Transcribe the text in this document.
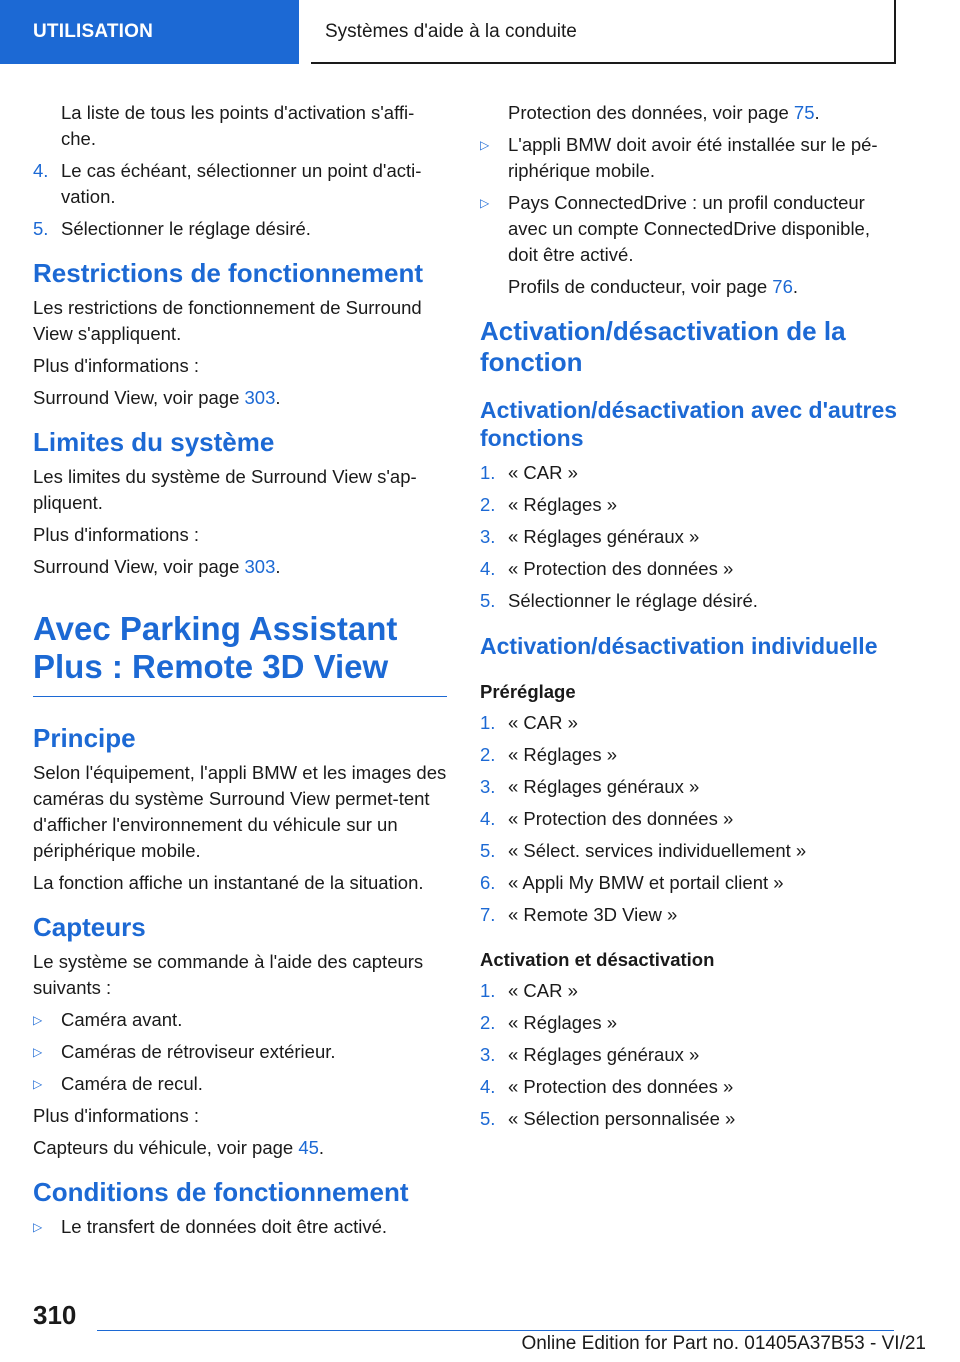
UTILISATION	Systèmes d'aide à la conduite

La liste de tous les points d'activation s'affi-che.

4. Le cas échéant, sélectionner un point d'acti-vation.
5. Sélectionner le réglage désiré.
Restrictions de fonctionnement

Les restrictions de fonctionnement de Surround View s'appliquent.

Plus d'informations :

Surround View, voir page 303.

Limites du système

Les limites du système de Surround View s'ap-pliquent.

Plus d'informations :

Surround View, voir page 303.

Avec Parking Assistant Plus : Remote 3D View
Principe

Selon l'équipement, l'appli BMW et les images des caméras du système Surround View permet-tent d'afficher l'environnement du véhicule sur un périphérique mobile.

La fonction affiche un instantané de la situation.

Capteurs

Le système se commande à l'aide des capteurs suivants :

▷ Caméra avant.
▷ Caméras de rétroviseur extérieur.
▷ Caméra de recul.

Plus d'informations :

Capteurs du véhicule, voir page 45.

Conditions de fonctionnement
▷ Le transfert de données doit être activé.

Protection des données, voir page 75.

▷ L'appli BMW doit avoir été installée sur le pé-riphérique mobile.
▷ Pays ConnectedDrive : un profil conducteur avec un compte ConnectedDrive disponible, doit être activé.

Profils de conducteur, voir page 76.

Activation/désactivation de la fonction
Activation/désactivation avec d'autres fonctions
1. « CAR »
2. « Réglages »
3. « Réglages généraux »
4. « Protection des données »
5. Sélectionner le réglage désiré.
Activation/désactivation individuelle
Préréglage
1. « CAR »
2. « Réglages »
3. « Réglages généraux »
4. « Protection des données »
5. « Sélect. services individuellement »
6. « Appli My BMW et portail client »
7. « Remote 3D View »
Activation et désactivation
1. « CAR »
2. « Réglages »
3. « Réglages généraux »
4. « Protection des données »
5. « Sélection personnalisée »
310
Online Edition for Part no. 01405A37B53 - VI/21
